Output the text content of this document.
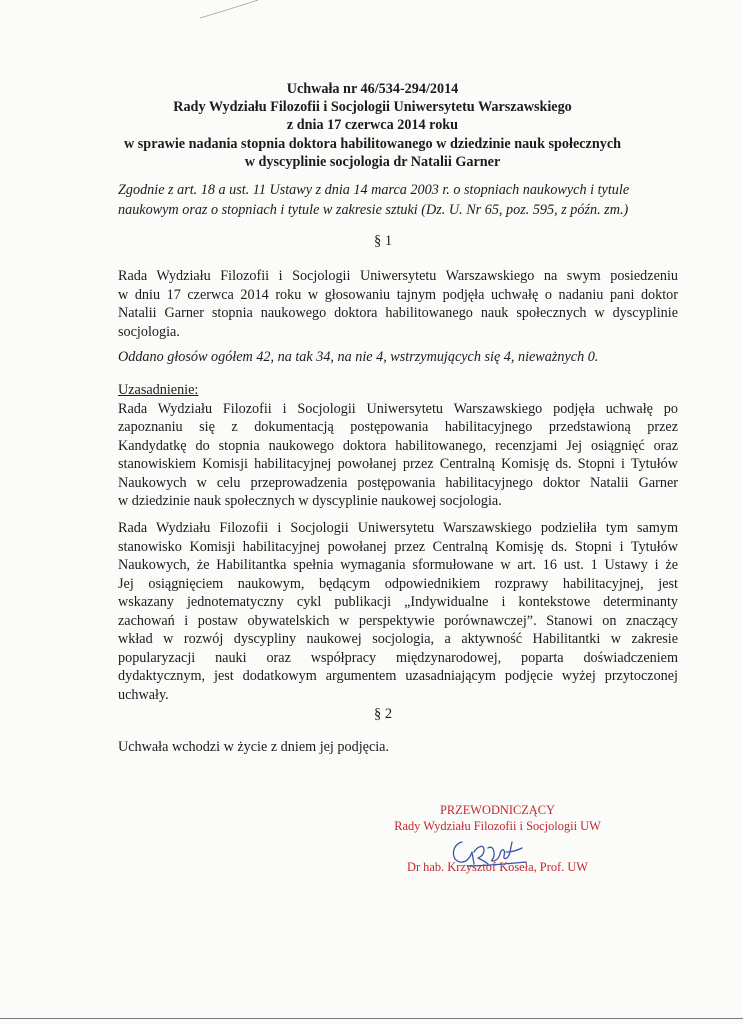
Uchwała nr 46/534-294/2014
Rady Wydziału Filozofii i Socjologii Uniwersytetu Warszawskiego
z dnia 17 czerwca 2014 roku
w sprawie nadania stopnia doktora habilitowanego w dziedzinie nauk społecznych
w dyscyplinie socjologia dr Natalii Garner
Zgodnie z art. 18 a ust. 11 Ustawy z dnia 14 marca 2003 r. o stopniach naukowych i tytule
naukowym oraz o stopniach i tytule w zakresie sztuki (Dz. U. Nr 65, poz. 595, z późn. zm.)
§ 1
Rada Wydziału Filozofii i Socjologii Uniwersytetu Warszawskiego na swym posiedzeniu
w dniu 17 czerwca 2014 roku w głosowaniu tajnym podjęła uchwałę o nadaniu pani doktor
Natalii Garner stopnia naukowego doktora habilitowanego nauk społecznych w dyscyplinie
socjologia.
Oddano głosów ogółem 42, na tak 34, na nie 4, wstrzymujących się 4, nieważnych 0.
Uzasadnienie:
Rada Wydziału Filozofii i Socjologii Uniwersytetu Warszawskiego podjęła uchwałę po
zapoznaniu się z dokumentacją postępowania habilitacyjnego przedstawioną przez
Kandydatkę do stopnia naukowego doktora habilitowanego, recenzjami Jej osiągnięć oraz
stanowiskiem Komisji habilitacyjnej powołanej przez Centralną Komisję ds. Stopni i Tytułów
Naukowych w celu przeprowadzenia postępowania habilitacyjnego doktor Natalii Garner
w dziedzinie nauk społecznych w dyscyplinie naukowej socjologia.
Rada Wydziału Filozofii i Socjologii Uniwersytetu Warszawskiego podzieliła tym samym
stanowisko Komisji habilitacyjnej powołanej przez Centralną Komisję ds. Stopni i Tytułów
Naukowych, że Habilitantka spełnia wymagania sformułowane w art. 16 ust. 1 Ustawy i że
Jej osiągnięciem naukowym, będącym odpowiednikiem rozprawy habilitacyjnej, jest
wskazany jednotematyczny cykl publikacji „Indywidualne i kontekstowe determinanty
zachowań i postaw obywatelskich w perspektywie porównawczej”. Stanowi on znaczący
wkład w rozwój dyscypliny naukowej socjologia, a aktywność Habilitantki w zakresie
popularyzacji nauki oraz współpracy międzynarodowej, poparta doświadczeniem
dydaktycznym, jest dodatkowym argumentem uzasadniającym podjęcie wyżej przytoczonej
uchwały.
§ 2
Uchwała wchodzi w życie z dniem jej podjęcia.
PRZEWODNICZĄCY
Rady Wydziału Filozofii i Socjologii UW
Dr hab. Krzysztof Koseła, Prof. UW
